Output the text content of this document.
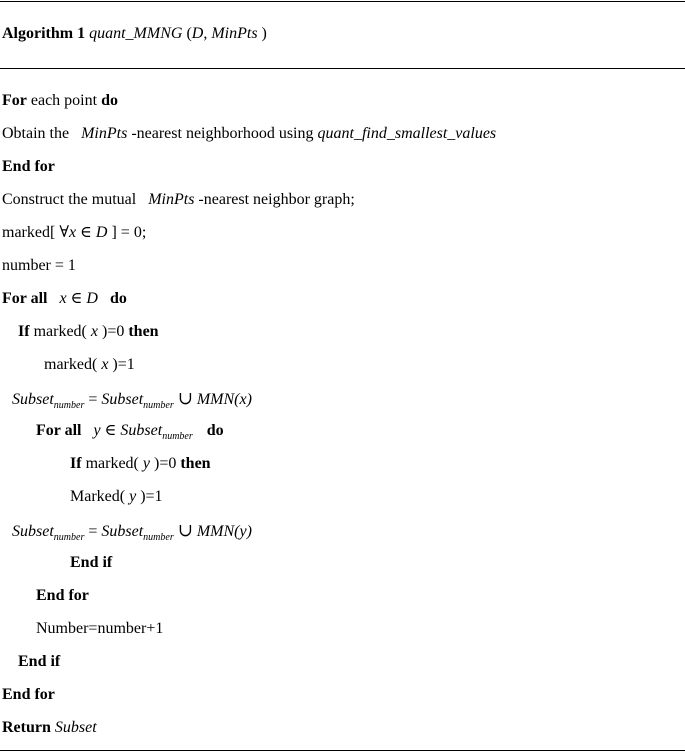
Algorithm 1 quant_MMNG (D, MinPts )
For each point do
Obtain the MinPts -nearest neighborhood using quant_find_smallest_values
End for
Construct the mutual MinPts -nearest neighbor graph;
marked[ ∀x ∈ D ] = 0;
number = 1
For all x ∈ D do
If marked( x )=0 then
marked( x )=1
Subset$_{number}$ = Subset$_{number}$ ∪ MMN(x)
For all y ∈ Subset$_{number}$ do
If marked( y )=0 then
Marked( y )=1
Subset$_{number}$ = Subset$_{number}$ ∪ MMN(y)
End if
End for
Number=number+1
End if
End for
Return Subset
